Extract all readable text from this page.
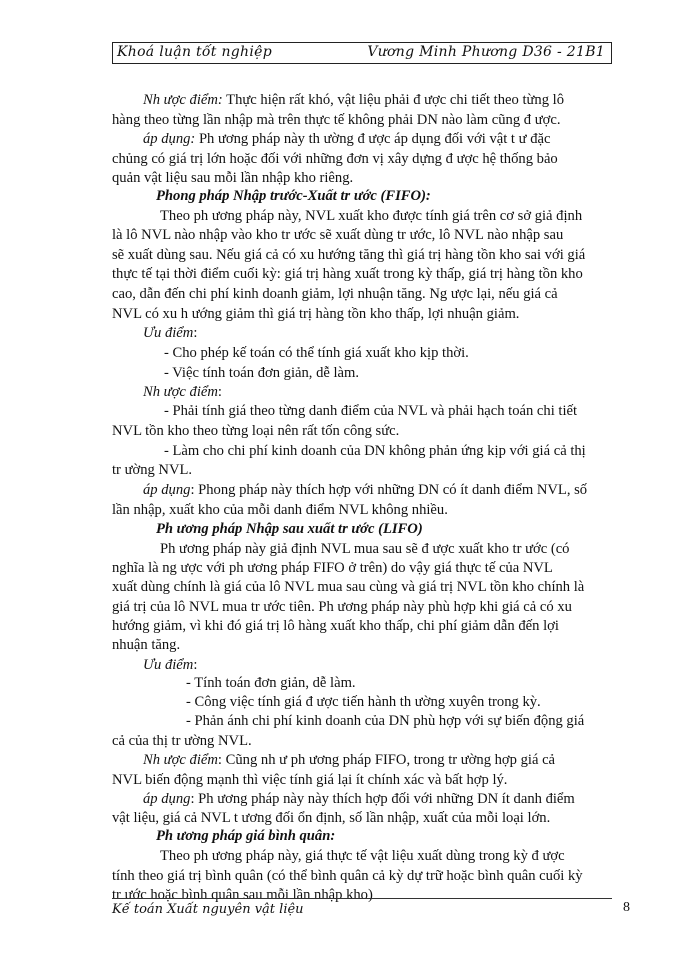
Khoá luận tốt nghiệp	Vương Minh Phương D36 - 21B1
Nh ược điểm: Thực hiện rất khó, vật liệu phải đ ược chi tiết theo từng lô
hàng theo từng lần nhập mà trên thực tế không phải DN nào làm cũng đ ược.
áp dụng: Ph ương pháp này th ường đ ược áp dụng đối với vật t ư đặc
chủng có giá trị lớn hoặc đối với những đơn vị xây dựng đ ược hệ thống bảo
quản vật liệu sau mỗi lần nhập kho riêng.
Phong pháp Nhập trước-Xuất tr ước (FIFO):
Theo ph ương pháp này, NVL xuất kho được tính giá trên cơ sở giả định
là lô NVL nào nhập vào kho tr ước sẽ xuất dùng tr ước, lô NVL nào nhập sau
sẽ xuất dùng sau. Nếu giá cả có xu hướng tăng thì giá trị hàng tồn kho sai với giá
thực tế tại thời điểm cuối kỳ: giá trị hàng xuất trong kỳ thấp, giá trị hàng tồn kho
cao, dẫn đến chi phí kinh doanh giảm, lợi nhuận tăng. Ng ược lại, nếu giá cả
NVL có xu h ướng giảm thì giá trị hàng tồn kho thấp, lợi nhuận giảm.
Ưu điểm:
- Cho phép kế toán có thể tính giá xuất kho kịp thời.
- Việc tính toán đơn giản, dễ làm.
Nh ược điểm:
- Phải tính giá theo từng danh điểm của NVL và phải hạch toán chi tiết
NVL tồn kho theo từng loại nên rất tốn công sức.
- Làm cho chi phí kinh doanh của DN không phản ứng kịp với giá cả thị
tr ường NVL.
áp dụng: Phong pháp này thích hợp với những DN có ít danh điểm NVL, số
lần nhập, xuất kho của mỗi danh điểm NVL không nhiều.
Ph ương pháp Nhập sau xuất tr ước (LIFO)
Ph ương pháp này giả định NVL mua sau sẽ đ ược xuất kho tr ước (có
nghĩa là ng ược với ph ương pháp FIFO ở trên) do vậy giá thực tế của NVL
xuất dùng chính là giá của lô NVL mua sau cùng và giá trị NVL tồn kho chính là
giá trị của lô NVL mua tr ước tiên. Ph ương pháp này phù hợp khi giá cả có xu
hướng giảm, vì khi đó giá trị lô hàng xuất kho thấp, chi phí giảm dẫn đến lợi
nhuận tăng.
Ưu điểm:
- Tính toán đơn giản, dễ làm.
- Công việc tính giá đ ược tiến hành th ường xuyên trong kỳ.
- Phản ánh chi phí kinh doanh của DN phù hợp với sự biến động giá
cả của thị tr ường NVL.
Nh ược điểm: Cũng nh ư ph ương pháp FIFO, trong tr ường hợp giá cả
NVL biến động mạnh thì việc tính giá lại ít chính xác và bất hợp lý.
áp dụng: Ph ương pháp này này thích hợp đối với những DN ít danh điểm
vật liệu, giá cả NVL t ương đối ổn định, số lần nhập, xuất của mỗi loại lớn.
Ph ương pháp giá bình quân:
Theo ph ương pháp này, giá thực tế vật liệu xuất dùng trong kỳ đ ược
tính theo giá trị bình quân (có thể bình quân cả kỳ dự trữ hoặc bình quân cuối kỳ
tr ước hoặc bình quân sau mỗi lần nhập kho)
Kế toán Xuất nguyên vật liệu	8
